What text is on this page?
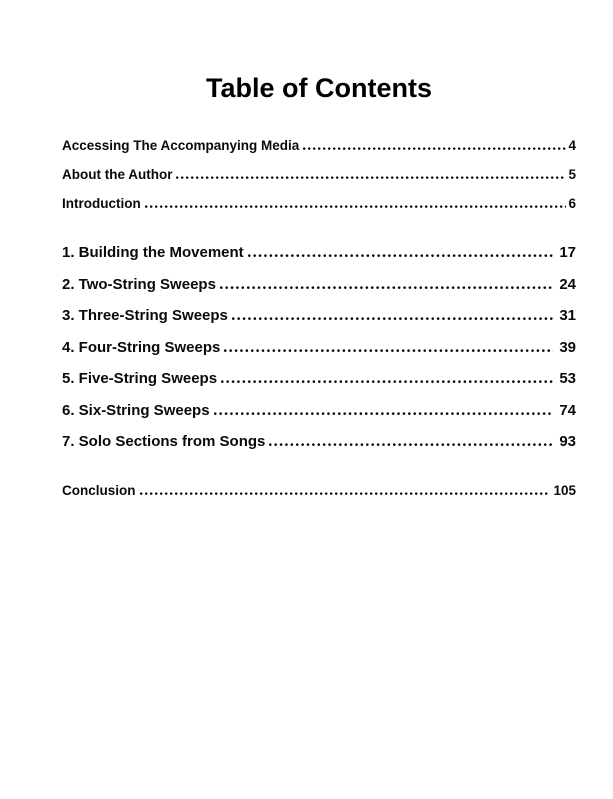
Table of Contents
Accessing The Accompanying Media	4
About the Author	5
Introduction	6
1. Building the Movement	17
2. Two-String Sweeps	24
3. Three-String Sweeps	31
4. Four-String Sweeps	39
5. Five-String Sweeps	53
6. Six-String Sweeps	74
7. Solo Sections from Songs	93
Conclusion	105
